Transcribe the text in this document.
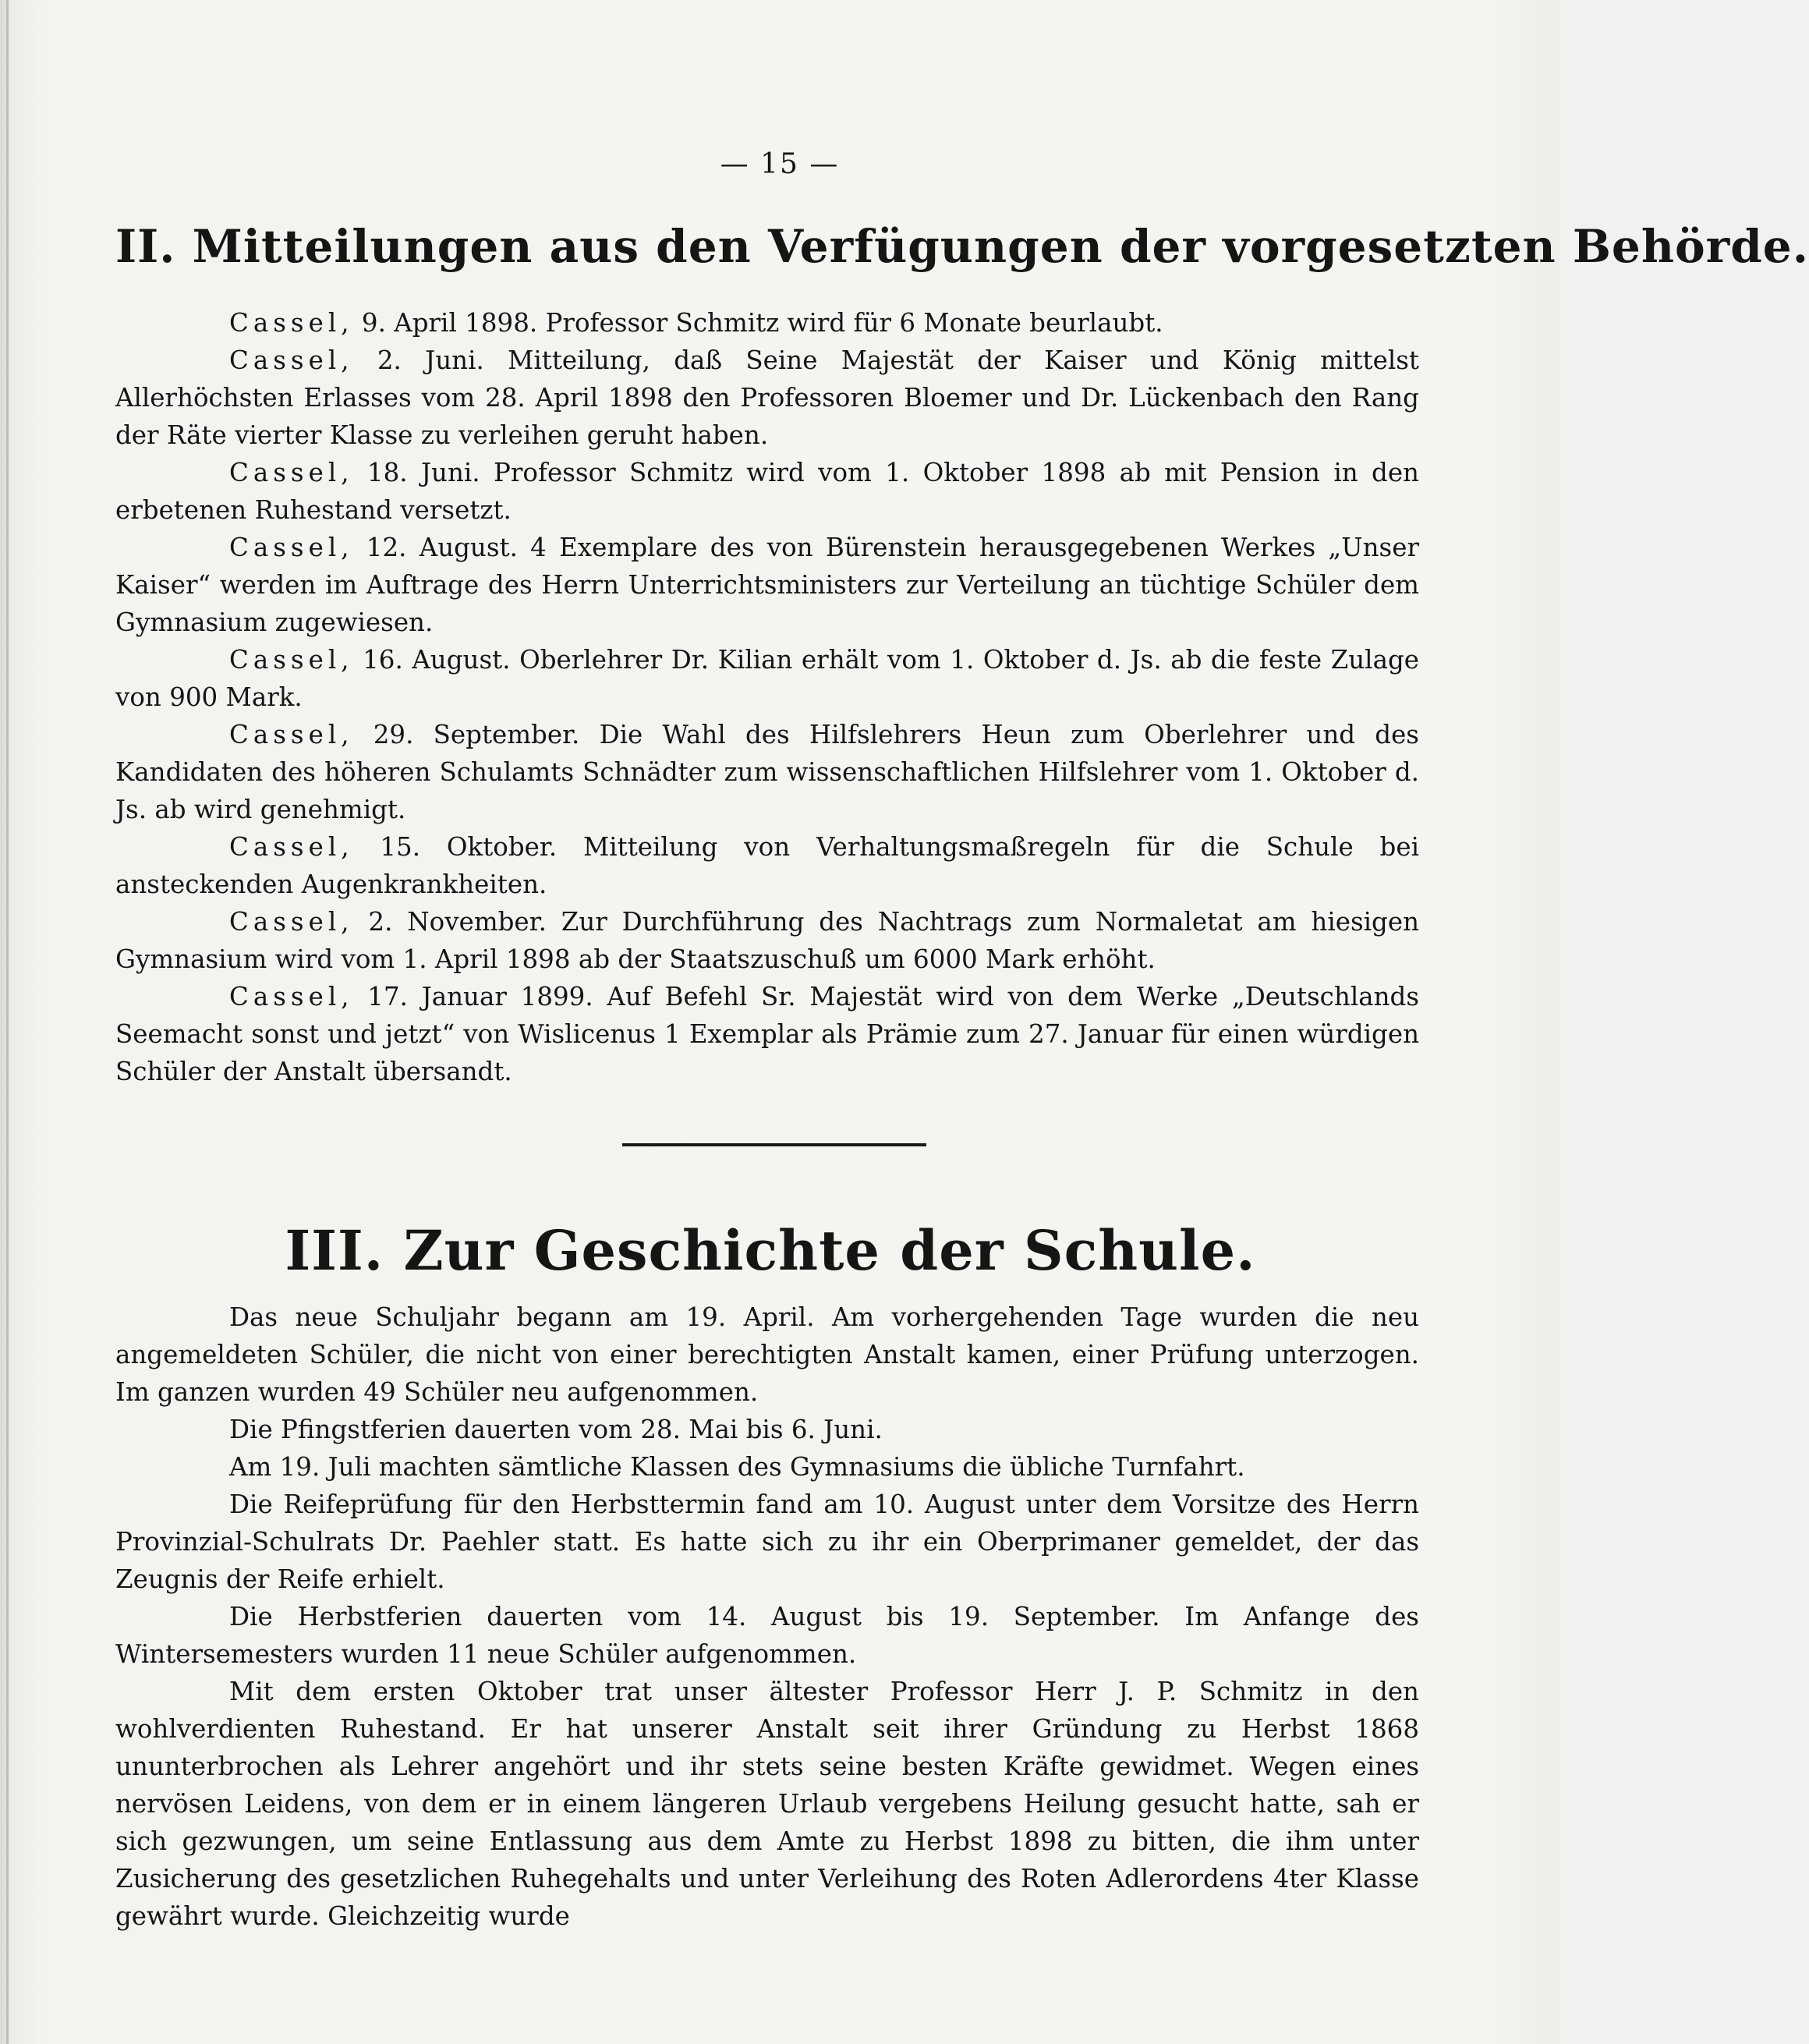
— 15 —
II. Mitteilungen aus den Verfügungen der vorgesetzten Behörde.

Cassel, 9. April 1898. Professor Schmitz wird für 6 Monate beurlaubt.

Cassel, 2. Juni. Mitteilung, daß Seine Majestät der Kaiser und König mittelst Allerhöchsten Erlasses vom 28. April 1898 den Professoren Bloemer und Dr. Lückenbach den Rang der Räte vierter Klasse zu verleihen geruht haben.

Cassel, 18. Juni. Professor Schmitz wird vom 1. Oktober 1898 ab mit Pension in den erbetenen Ruhestand versetzt.

Cassel, 12. August. 4 Exemplare des von Bürenstein herausgegebenen Werkes „Unser Kaiser“ werden im Auftrage des Herrn Unterrichtsministers zur Verteilung an tüchtige Schüler dem Gymnasium zugewiesen.

Cassel, 16. August. Oberlehrer Dr. Kilian erhält vom 1. Oktober d. Js. ab die feste Zulage von 900 Mark.

Cassel, 29. September. Die Wahl des Hilfslehrers Heun zum Oberlehrer und des Kandidaten des höheren Schulamts Schnädter zum wissenschaftlichen Hilfslehrer vom 1. Oktober d. Js. ab wird genehmigt.

Cassel, 15. Oktober. Mitteilung von Verhaltungsmaßregeln für die Schule bei ansteckenden Augenkrankheiten.

Cassel, 2. November. Zur Durchführung des Nachtrags zum Normaletat am hiesigen Gymnasium wird vom 1. April 1898 ab der Staatszuschuß um 6000 Mark erhöht.

Cassel, 17. Januar 1899. Auf Befehl Sr. Majestät wird von dem Werke „Deutschlands Seemacht sonst und jetzt“ von Wislicenus 1 Exemplar als Prämie zum 27. Januar für einen würdigen Schüler der Anstalt übersandt.

III. Zur Geschichte der Schule.

Das neue Schuljahr begann am 19. April. Am vorhergehenden Tage wurden die neu angemeldeten Schüler, die nicht von einer berechtigten Anstalt kamen, einer Prüfung unterzogen. Im ganzen wurden 49 Schüler neu aufgenommen.

Die Pfingstferien dauerten vom 28. Mai bis 6. Juni.

Am 19. Juli machten sämtliche Klassen des Gymnasiums die übliche Turnfahrt.

Die Reifeprüfung für den Herbsttermin fand am 10. August unter dem Vorsitze des Herrn Provinzial-Schulrats Dr. Paehler statt. Es hatte sich zu ihr ein Oberprimaner gemeldet, der das Zeugnis der Reife erhielt.

Die Herbstferien dauerten vom 14. August bis 19. September. Im Anfange des Wintersemesters wurden 11 neue Schüler aufgenommen.

Mit dem ersten Oktober trat unser ältester Professor Herr J. P. Schmitz in den wohlverdienten Ruhestand. Er hat unserer Anstalt seit ihrer Gründung zu Herbst 1868 ununterbrochen als Lehrer angehört und ihr stets seine besten Kräfte gewidmet. Wegen eines nervösen Leidens, von dem er in einem längeren Urlaub vergebens Heilung gesucht hatte, sah er sich gezwungen, um seine Entlassung aus dem Amte zu Herbst 1898 zu bitten, die ihm unter Zusicherung des gesetzlichen Ruhegehalts und unter Verleihung des Roten Adlerordens 4ter Klasse gewährt wurde. Gleichzeitig wurde
